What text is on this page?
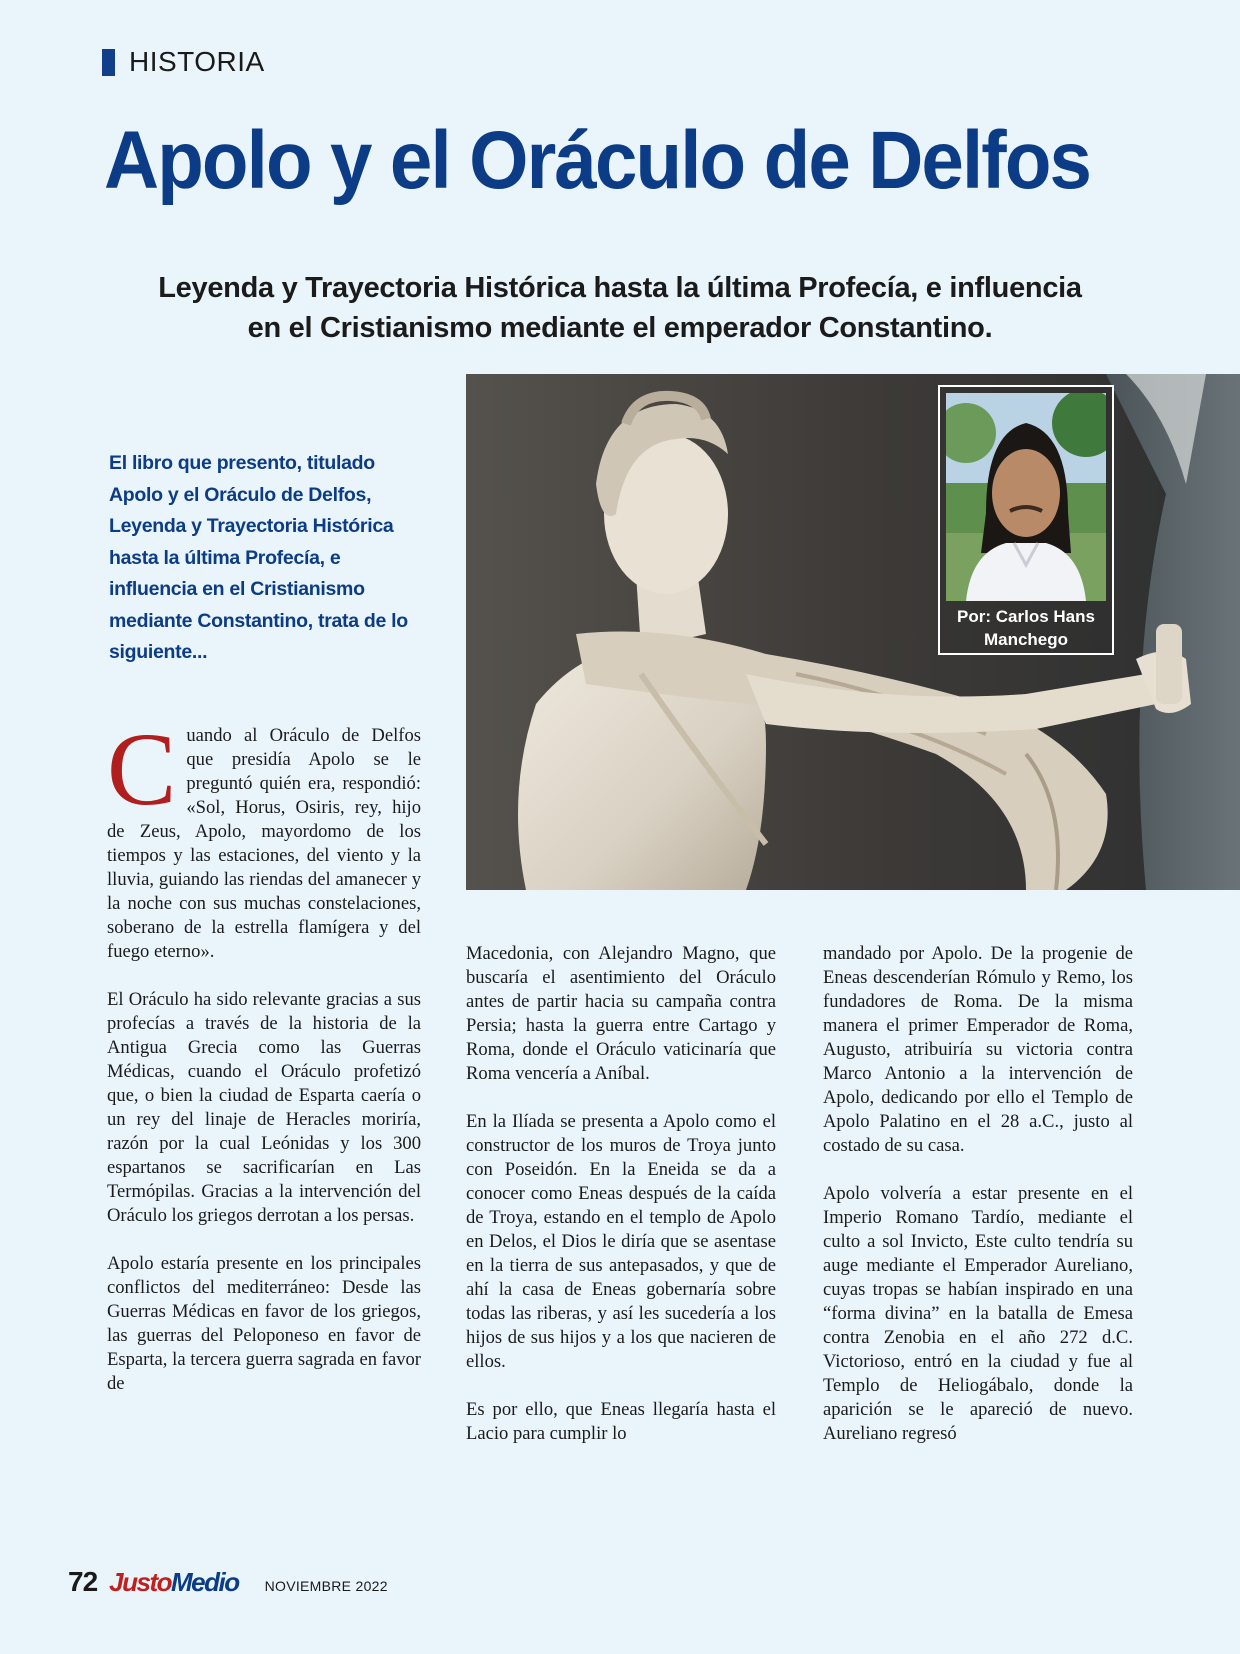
HISTORIA
Apolo y el Oráculo de Delfos

Leyenda y Trayectoria Histórica hasta la última Profecía, e influencia
en el Cristianismo mediante el emperador Constantino.

El libro que presento, titulado Apolo y el Oráculo de Delfos, Leyenda y Trayectoria Histórica hasta la última Profecía, e influencia en el Cristianismo mediante Constantino, trata de lo siguiente...

Por: Carlos Hans
Manchego

Cuando al Oráculo de Delfos que presidía Apolo se le preguntó quién era, respondió: «Sol, Horus, Osiris, rey, hijo de Zeus, Apolo, mayordomo de los tiempos y las estaciones, del viento y la lluvia, guiando las riendas del amanecer y la noche con sus muchas constelaciones, soberano de la estrella flamígera y del fuego eterno».

El Oráculo ha sido relevante gracias a sus profecías a través de la historia de la Antigua Grecia como las Guerras Médicas, cuando el Oráculo profetizó que, o bien la ciudad de Esparta caería o un rey del linaje de Heracles moriría, razón por la cual Leónidas y los 300 espartanos se sacrificarían en Las Termópilas. Gracias a la intervención del Oráculo los griegos derrotan a los persas.

Apolo estaría presente en los principales conflictos del mediterráneo: Desde las Guerras Médicas en favor de los griegos, las guerras del Peloponeso en favor de Esparta, la tercera guerra sagrada en favor de

Macedonia, con Alejandro Magno, que buscaría el asentimiento del Oráculo antes de partir hacia su campaña contra Persia; hasta la guerra entre Cartago y Roma, donde el Oráculo vaticinaría que Roma vencería a Aníbal.

En la Ilíada se presenta a Apolo como el constructor de los muros de Troya junto con Poseidón. En la Eneida se da a conocer como Eneas después de la caída de Troya, estando en el templo de Apolo en Delos, el Dios le diría que se asentase en la tierra de sus antepasados, y que de ahí la casa de Eneas gobernaría sobre todas las riberas, y así les sucedería a los hijos de sus hijos y a los que nacieren de ellos.

Es por ello, que Eneas llegaría hasta el Lacio para cumplir lo

mandado por Apolo. De la progenie de Eneas descenderían Rómulo y Remo, los fundadores de Roma. De la misma manera el primer Emperador de Roma, Augusto, atribuiría su victoria contra Marco Antonio a la intervención de Apolo, dedicando por ello el Templo de Apolo Palatino en el 28 a.C., justo al costado de su casa.

Apolo volvería a estar presente en el Imperio Romano Tardío, mediante el culto a sol Invicto, Este culto tendría su auge mediante el Emperador Aureliano, cuyas tropas se habían inspirado en una “forma divina” en la batalla de Emesa contra Zenobia en el año 272 d.C. Victorioso, entró en la ciudad y fue al Templo de Heliogábalo, donde la aparición se le apareció de nuevo. Aureliano regresó

72 JustoMedio NOVIEMBRE 2022
